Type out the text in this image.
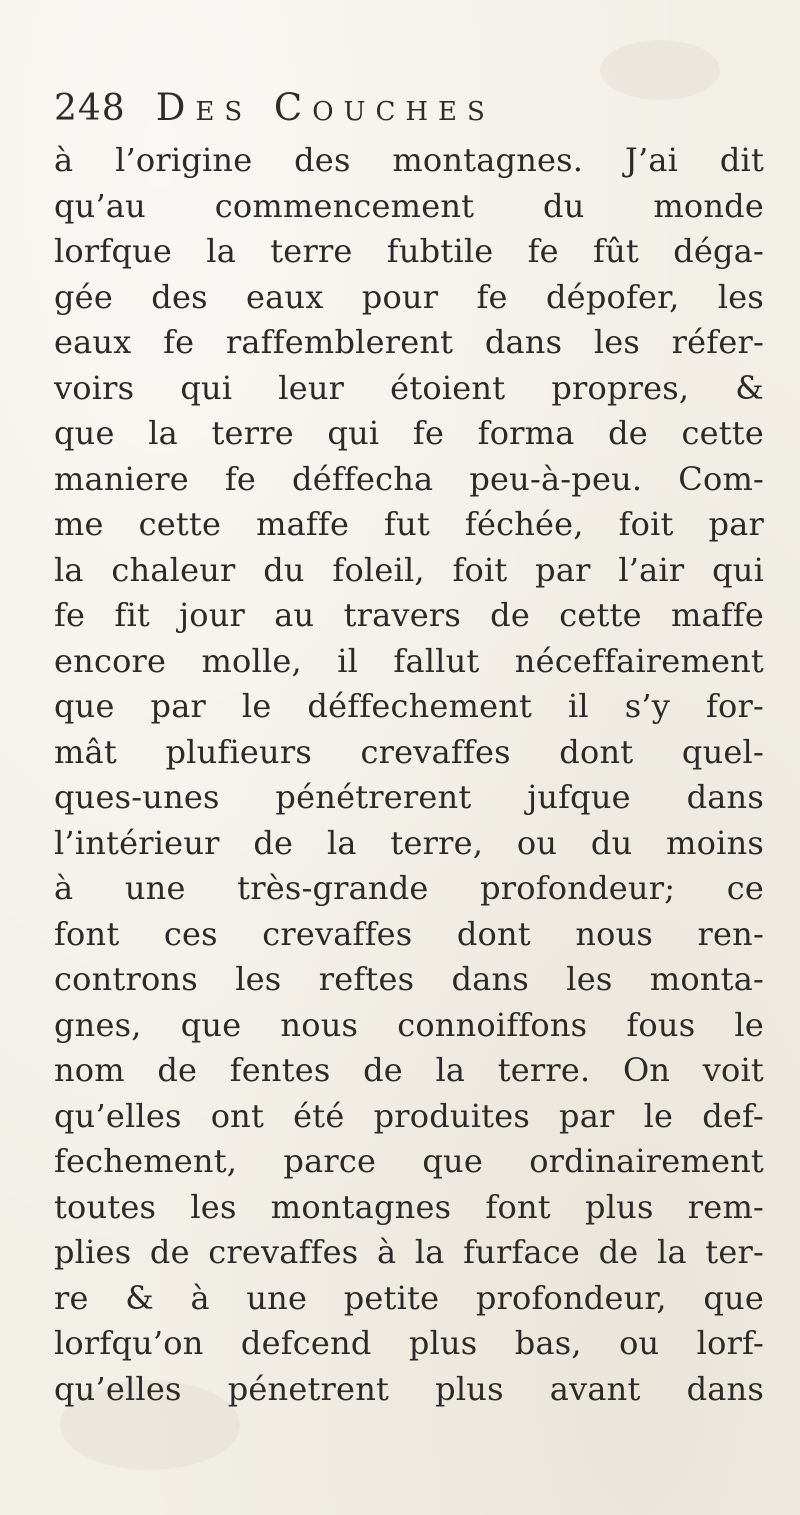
248 Des Couches
à l’origine des montagnes. J’ai dit
qu’au commencement du monde
lorfque la terre fubtile fe fût déga-
gée des eaux pour fe dépofer, les
eaux fe raffemblerent dans les réfer-
voirs qui leur étoient propres, &
que la terre qui fe forma de cette
maniere fe déffecha peu-à-peu. Com-
me cette maffe fut féchée, foit par
la chaleur du foleil, foit par l’air qui
fe fit jour au travers de cette maffe
encore molle, il fallut néceffairement
que par le déffechement il s’y for-
mât plufieurs crevaffes dont quel-
ques-unes pénétrerent jufque dans
l’intérieur de la terre, ou du moins
à une très-grande profondeur; ce
font ces crevaffes dont nous ren-
controns les reftes dans les monta-
gnes, que nous connoiffons fous le
nom de fentes de la terre. On voit
qu’elles ont été produites par le def-
fechement, parce que ordinairement
toutes les montagnes font plus rem-
plies de crevaffes à la furface de la ter-
re & à une petite profondeur, que
lorfqu’on defcend plus bas, ou lorf-
qu’elles pénetrent plus avant dans
